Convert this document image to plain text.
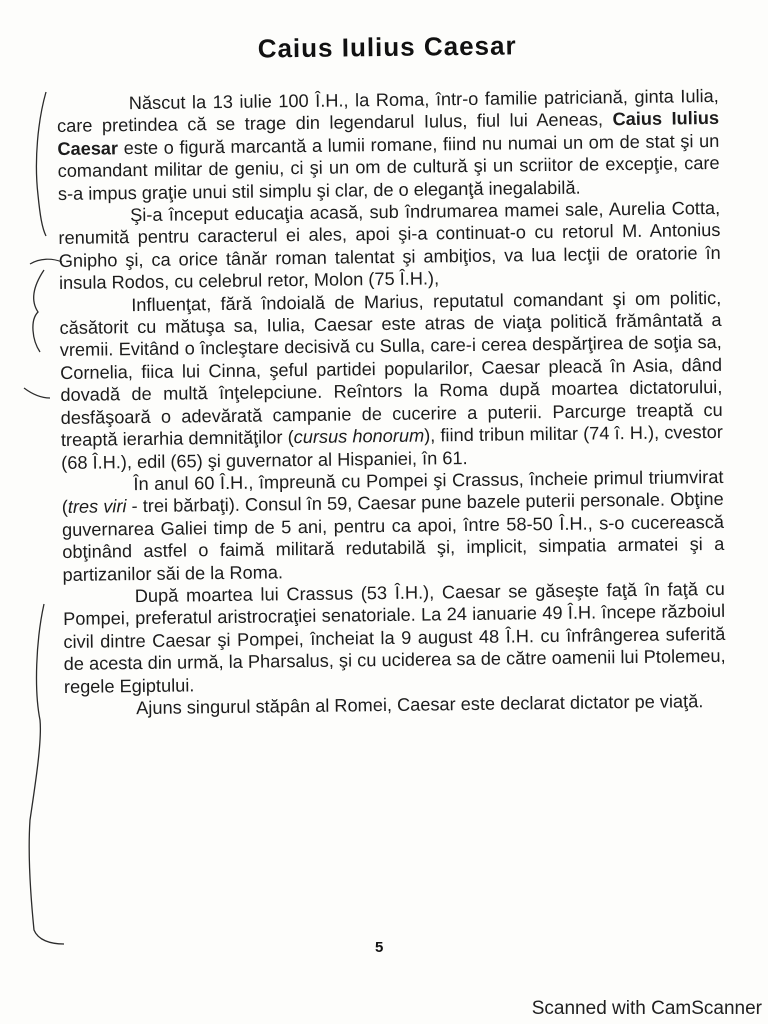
Caius Iulius Caesar

Născut la 13 iulie 100 Î.H., la Roma, într-o familie patriciană, ginta Iulia, care pretindea că se trage din legendarul Iulus, fiul lui Aeneas, Caius Iulius Caesar este o figură marcantă a lumii romane, fiind nu numai un om de stat şi un comandant militar de geniu, ci şi un om de cultură şi un scriitor de excepţie, care s-a impus graţie unui stil simplu şi clar, de o eleganţă inegalabilă.

Şi-a început educaţia acasă, sub îndrumarea mamei sale, Aurelia Cotta, renumită pentru caracterul ei ales, apoi şi-a continuat-o cu retorul M. Antonius Gnipho şi, ca orice tânăr roman talentat şi ambiţios, va lua lecţii de oratorie în insula Rodos, cu celebrul retor, Molon (75 Î.H.),

Influenţat, fără îndoială de Marius, reputatul comandant şi om politic, căsătorit cu mătuşa sa, Iulia, Caesar este atras de viaţa politică frământată a vremii. Evitând o încleştare decisivă cu Sulla, care-i cerea despărţirea de soţia sa, Cornelia, fiica lui Cinna, şeful partidei popularilor, Caesar pleacă în Asia, dând dovadă de multă înţelepciune. Reîntors la Roma după moartea dictatorului, desfăşoară o adevărată campanie de cucerire a puterii. Parcurge treaptă cu treaptă ierarhia demnităţilor (cursus honorum), fiind tribun militar (74 î. H.), cvestor (68 Î.H.), edil (65) şi guvernator al Hispaniei, în 61.

În anul 60 Î.H., împreună cu Pompei şi Crassus, încheie primul triumvirat (tres viri - trei bărbaţi). Consul în 59, Caesar pune bazele puterii personale. Obţine guvernarea Galiei timp de 5 ani, pentru ca apoi, între 58-50 Î.H., s-o cucerească obţinând astfel o faimă militară redutabilă şi, implicit, simpatia armatei şi a partizanilor săi de la Roma.

După moartea lui Crassus (53 Î.H.), Caesar se găseşte faţă în faţă cu Pompei, preferatul aristrocraţiei senatoriale. La 24 ianuarie 49 Î.H. începe războiul civil dintre Caesar şi Pompei, încheiat la 9 august 48 Î.H. cu înfrângerea suferită de acesta din urmă, la Pharsalus, şi cu uciderea sa de către oamenii lui Ptolemeu, regele Egiptului.

Ajuns singurul stăpân al Romei, Caesar este declarat dictator pe viaţă.

5
Scanned with CamScanner
